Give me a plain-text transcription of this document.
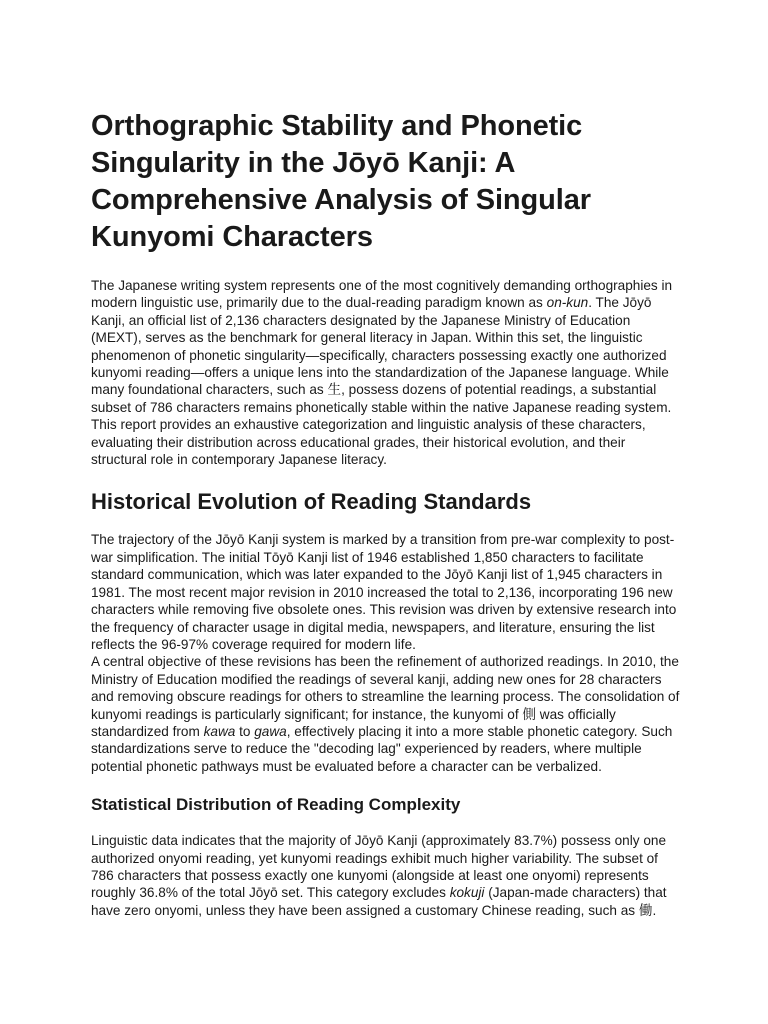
Orthographic Stability and Phonetic Singularity in the Jōyō Kanji: A Comprehensive Analysis of Singular Kunyomi Characters

The Japanese writing system represents one of the most cognitively demanding orthographies in modern linguistic use, primarily due to the dual-reading paradigm known as on-kun. The Jōyō Kanji, an official list of 2,136 characters designated by the Japanese Ministry of Education (MEXT), serves as the benchmark for general literacy in Japan. Within this set, the linguistic phenomenon of phonetic singularity—specifically, characters possessing exactly one authorized kunyomi reading—offers a unique lens into the standardization of the Japanese language. While many foundational characters, such as 生, possess dozens of potential readings, a substantial subset of 786 characters remains phonetically stable within the native Japanese reading system. This report provides an exhaustive categorization and linguistic analysis of these characters, evaluating their distribution across educational grades, their historical evolution, and their structural role in contemporary Japanese literacy.

Historical Evolution of Reading Standards

The trajectory of the Jōyō Kanji system is marked by a transition from pre-war complexity to post-war simplification. The initial Tōyō Kanji list of 1946 established 1,850 characters to facilitate standard communication, which was later expanded to the Jōyō Kanji list of 1,945 characters in 1981. The most recent major revision in 2010 increased the total to 2,136, incorporating 196 new characters while removing five obsolete ones. This revision was driven by extensive research into the frequency of character usage in digital media, newspapers, and literature, ensuring the list reflects the 96-97% coverage required for modern life.

A central objective of these revisions has been the refinement of authorized readings. In 2010, the Ministry of Education modified the readings of several kanji, adding new ones for 28 characters and removing obscure readings for others to streamline the learning process. The consolidation of kunyomi readings is particularly significant; for instance, the kunyomi of 側 was officially standardized from kawa to gawa, effectively placing it into a more stable phonetic category. Such standardizations serve to reduce the "decoding lag" experienced by readers, where multiple potential phonetic pathways must be evaluated before a character can be verbalized.

Statistical Distribution of Reading Complexity

Linguistic data indicates that the majority of Jōyō Kanji (approximately 83.7%) possess only one authorized onyomi reading, yet kunyomi readings exhibit much higher variability. The subset of 786 characters that possess exactly one kunyomi (alongside at least one onyomi) represents roughly 36.8% of the total Jōyō set. This category excludes kokuji (Japan-made characters) that have zero onyomi, unless they have been assigned a customary Chinese reading, such as 働.
